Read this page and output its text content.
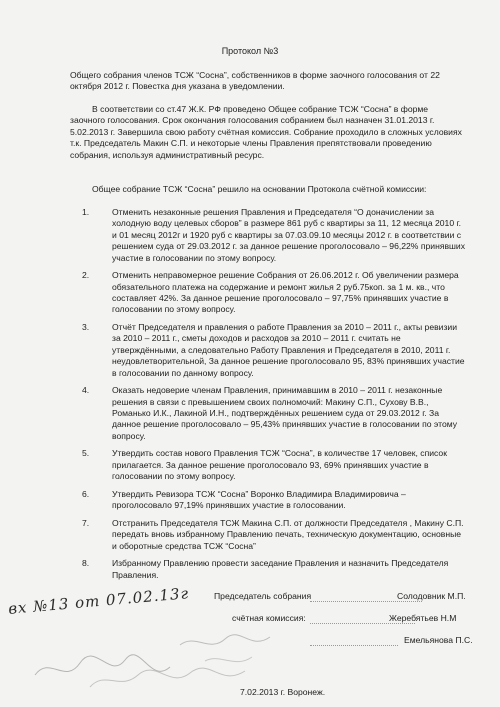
Протокол №3

Общего собрания членов ТСЖ “Сосна”, собственников в форме заочного голосования от 22 октября 2012 г. Повестка дня указана в уведомлении.

В соответствии со ст.47 Ж.К. РФ проведено Общее собрание ТСЖ “Сосна” в форме заочного голосования. Срок окончания голосования собранием был назначен 31.01.2013 г. 5.02.2013 г. Завершила свою работу счётная комиссия. Собрание проходило в сложных условиях т.к. Председатель Макин С.П. и некоторые члены Правления препятствовали проведению собрания, используя административный ресурс.

Общее собрание ТСЖ “Сосна” решило на основании Протокола счётной комиссии:

1.	Отменить незаконные решения Правления и Председателя “О доначислении за холодную воду целевых сборов” в размере 861 руб с квартиры за 11, 12 месяца 2010 г. и 01 месяц 2012г и 1920 руб с квартиры за 07.03.09.10 месяцы 2012 г. в соответствии с решением суда от 29.03.2012 г. за данное решение проголосовало – 96,22% принявших участие в голосовании по этому вопросу.
2.	Отменить неправомерное решение Собрания от 26.06.2012 г. Об увеличении размера обязательного платежа на содержание и ремонт жилья 2 руб.75коп. за 1 м. кв., что составляет 42%. За данное решение проголосовало – 97,75% принявших участие в голосовании по этому вопросу.
3.	Отчёт Председателя и правления о работе Правления за 2010 – 2011 г., акты ревизии за 2010 – 2011 г., сметы доходов и расходов за 2010 – 2011 г. считать не утверждёнными, а следовательно Работу Правления и Председателя в 2010, 2011 г. неудовлетворительной, За данное решение проголосовало 95, 83% принявших участие в голосовании по данному вопросу.
4.	Оказать недоверие членам Правления, принимавшим в 2010 – 2011 г. незаконные решения в связи с превышением своих полномочий: Макину С.П., Сухову В.В., Романько И.К., Лакиной И.Н., подтверждённых решением суда от 29.03.2012 г. За данное решение проголосовало – 95,43% принявших участие в голосовании по этому вопросу.
5.	Утвердить состав нового Правления ТСЖ “Сосна”, в количестве 17 человек, список прилагается. За данное решение проголосовало 93, 69% принявших участие в голосовании по этому вопросу.
6.	Утвердить Ревизора ТСЖ “Сосна” Воронко Владимира Владимировича – проголосовало 97,19% принявших участие в голосовании.
7.	Отстранить Председателя ТСЖ Макина С.П. от должности Председателя , Макину С.П. передать вновь избранному Правлению печать, техническую документацию, основные и оборотные средства ТСЖ “Сосна”
8.	Избранному Правлению провести заседание Правления и назначить Председателя Правления.
Председатель собрания	Солодовник М.П.
счётная комиссия:	Жеребятьев Н.М
Емельянова П.С.
вх №13 от 07.02.13г
7.02.2013 г. Воронеж.
